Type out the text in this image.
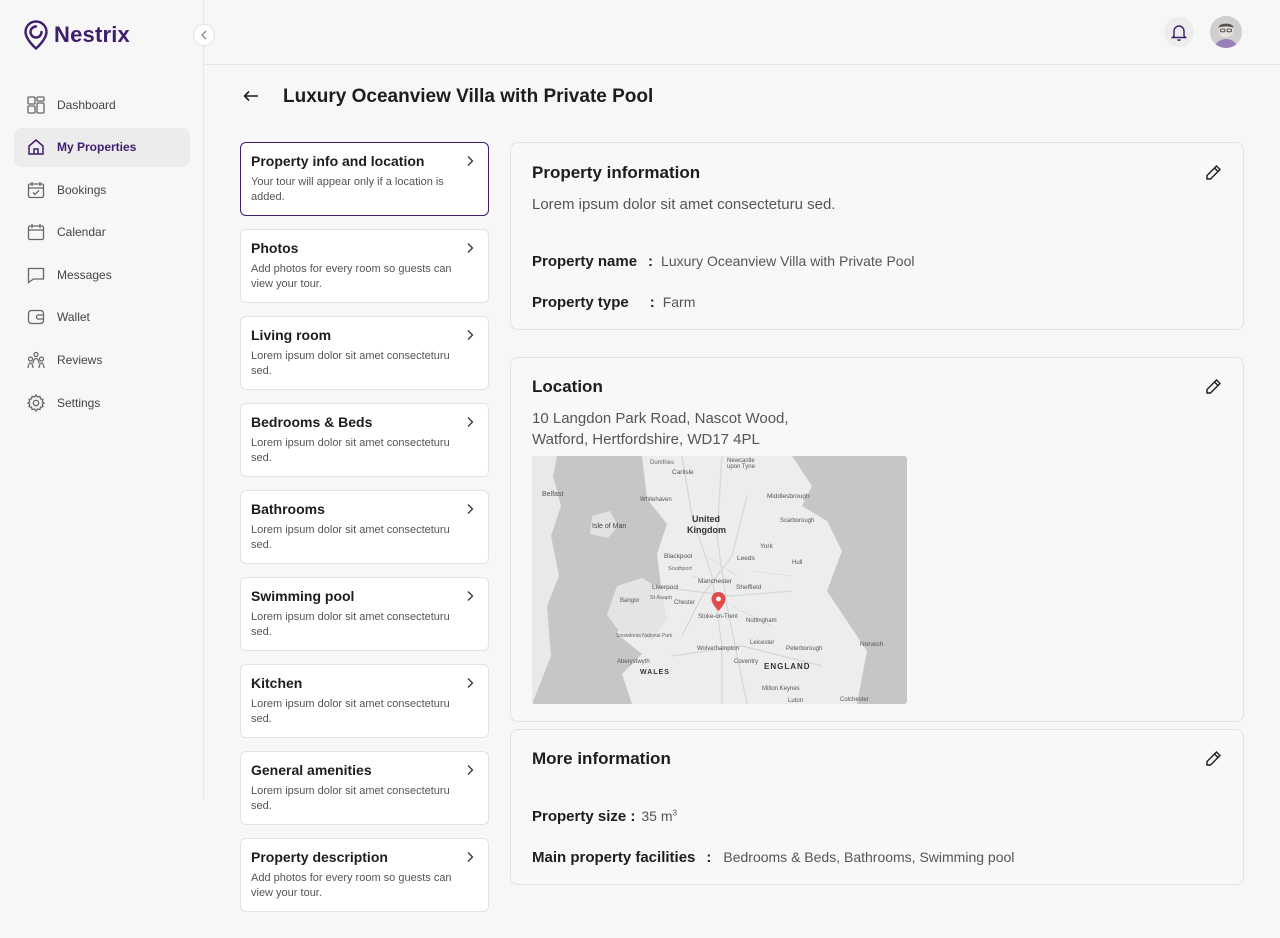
Nestrix
Dashboard
My Properties
Bookings
Calendar
Messages
Wallet
Reviews
Settings
Luxury Oceanview Villa with Private Pool
Property info and location
Your tour will appear only if a location is added.
Photos
Add photos for every room so guests can view your tour.
Living room
Lorem ipsum dolor sit amet consecteturu sed.
Bedrooms & Beds
Lorem ipsum dolor sit amet consecteturu sed.
Bathrooms
Lorem ipsum dolor sit amet consecteturu sed.
Swimming pool
Lorem ipsum dolor sit amet consecteturu sed.
Kitchen
Lorem ipsum dolor sit amet consecteturu sed.
General amenities
Lorem ipsum dolor sit amet consecteturu sed.
Property description
Add photos for every room so guests can view your tour.
Property information

Lorem ipsum dolor sit amet consecteturu sed.

Property name : Luxury Oceanview Villa with Private Pool
Property type : Farm
Location

10 Langdon Park Road, Nascot Wood,
Watford, Hertfordshire, WD17 4PL

Belfast
Dumfries
Carlisle
Newcastle
upon Tyne
Whitehaven	Middlesbrough
Isle of Man
United
Kingdom
Scarborough
York
Blackpool	Leeds
Hull
Southport
Manchester
Liverpool	Sheffield
St Asaph
Bangor	Chester
Stoke-on-Trent
Nottingham
Snowdonia National Park
Leicester
Peterborough
Wolverhampton
Norwich
Aberystwyth	Coventry ENGLAND
WALES
Milton Keynes
Colchester
Luton
More information
Property size : 35 $m^3$
Main property facilities : Bedrooms & Beds, Bathrooms, Swimming pool
